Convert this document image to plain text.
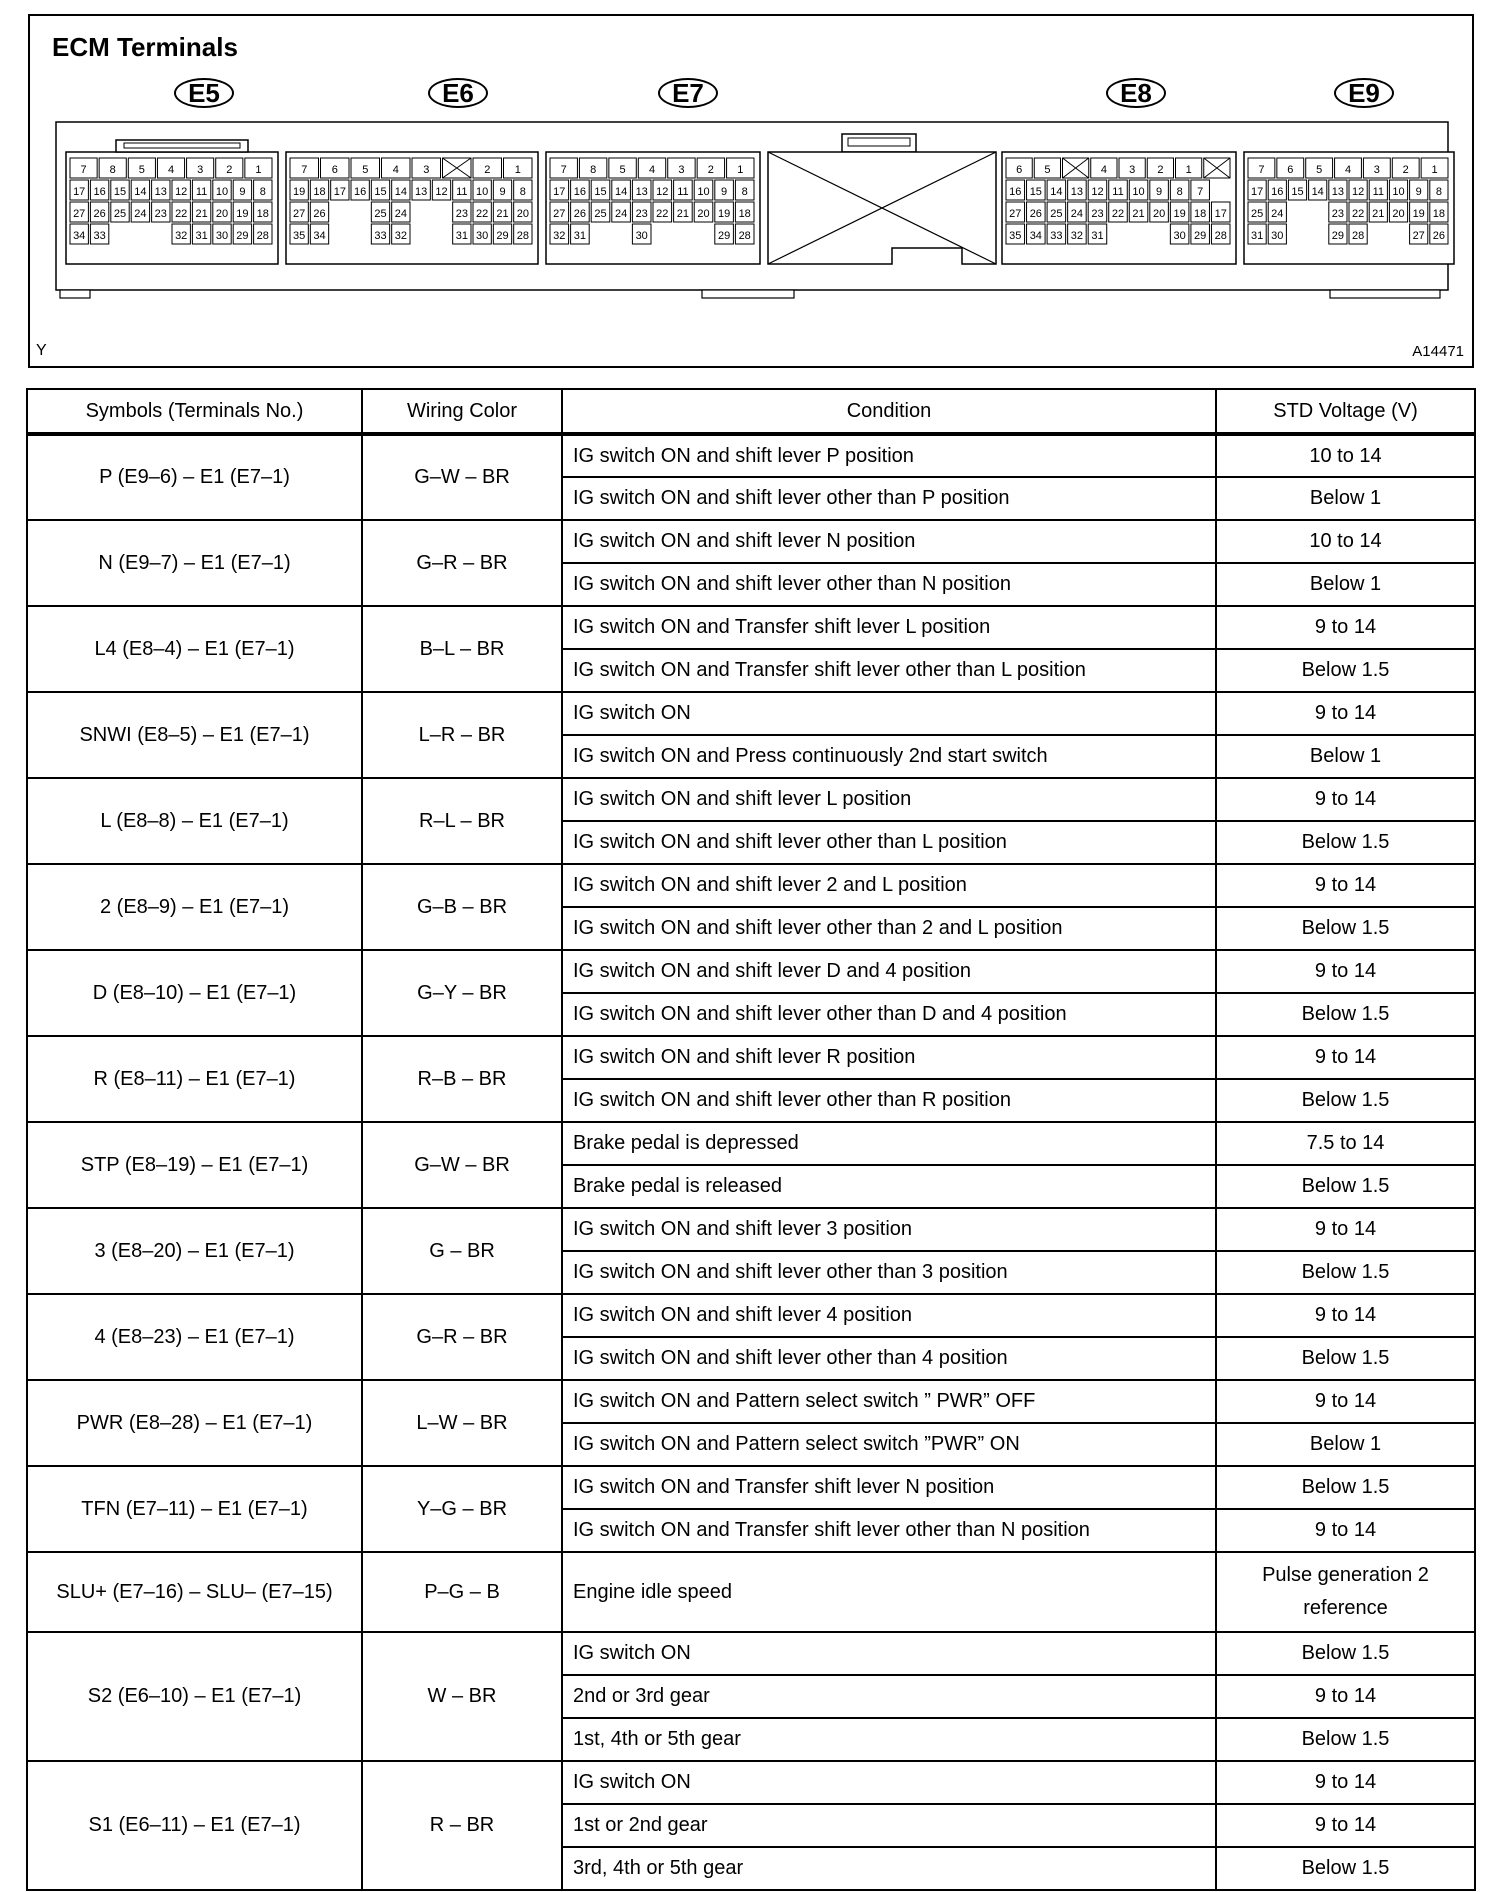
ECM Terminals
E5	E6	E7	E8	E9
7 8 5 4 3 2 1
17 16 15 14 13 12 11 10 9 8
27 26 25 24 23 22 21 20 19 18
34 33	32 31 30 29 28
7 6 5 4 3	2 1
19 18 17 16 15 14 13 12 11 10 9 8
27 26	25 24	23 22 21 20
35 34	33 32	31 30 29 28
7 8 5 4 3 2 1
17 16 15 14 13 12 11 10 9 8
27 26 25 24 23 22 21 20 19 18
32 31	30	29 28
6 5	4 3 2 1
16 15 14 13 12 11 10 9 8 7
27 26 25 24 23 22 21 20 19 18 17
35 34 33 32 31	30 29 28
7 6 5 4 3 2 1
17 16 15 14 13 12 11 10 9 8
25 24	23 22 21 20 19 18
31 30	29 28	27 26
Y	A14471
Symbols (Terminals No.)	Wiring Color	Condition	STD Voltage (V)
P (E9–6) – E1 (E7–1)	G–W – BR	IG switch ON and shift lever P position	10 to 14
		IG switch ON and shift lever other than P position	Below 1
N (E9–7) – E1 (E7–1)	G–R – BR	IG switch ON and shift lever N position	10 to 14
		IG switch ON and shift lever other than N position	Below 1
L4 (E8–4) – E1 (E7–1)	B–L – BR	IG switch ON and Transfer shift lever L position	9 to 14
		IG switch ON and Transfer shift lever other than L position	Below 1.5
SNWI (E8–5) – E1 (E7–1)	L–R – BR	IG switch ON	9 to 14
		IG switch ON and Press continuously 2nd start switch	Below 1
L (E8–8) – E1 (E7–1)	R–L – BR	IG switch ON and shift lever L position	9 to 14
		IG switch ON and shift lever other than L position	Below 1.5
2 (E8–9) – E1 (E7–1)	G–B – BR	IG switch ON and shift lever 2 and L position	9 to 14
		IG switch ON and shift lever other than 2 and L position	Below 1.5
D (E8–10) – E1 (E7–1)	G–Y – BR	IG switch ON and shift lever D and 4 position	9 to 14
		IG switch ON and shift lever other than D and 4 position	Below 1.5
R (E8–11) – E1 (E7–1)	R–B – BR	IG switch ON and shift lever R position	9 to 14
		IG switch ON and shift lever other than R position	Below 1.5
STP (E8–19) – E1 (E7–1)	G–W – BR	Brake pedal is depressed	7.5 to 14
		Brake pedal is released	Below 1.5
3 (E8–20) – E1 (E7–1)	G – BR	IG switch ON and shift lever 3 position	9 to 14
		IG switch ON and shift lever other than 3 position	Below 1.5
4 (E8–23) – E1 (E7–1)	G–R – BR	IG switch ON and shift lever 4 position	9 to 14
		IG switch ON and shift lever other than 4 position	Below 1.5
PWR (E8–28) – E1 (E7–1)	L–W – BR	IG switch ON and Pattern select switch ” PWR” OFF	9 to 14
		IG switch ON and Pattern select switch ”PWR” ON	Below 1
TFN (E7–11) – E1 (E7–1)	Y–G – BR	IG switch ON and Transfer shift lever N position	Below 1.5
		IG switch ON and Transfer shift lever other than N position	9 to 14
SLU+ (E7–16) – SLU– (E7–15)	P–G – B	Engine idle speed	Pulse generation 2 reference
S2 (E6–10) – E1 (E7–1)	W – BR	IG switch ON	Below 1.5
		2nd or 3rd gear	9 to 14
		1st, 4th or 5th gear	Below 1.5
S1 (E6–11) – E1 (E7–1)	R – BR	IG switch ON	9 to 14
		1st or 2nd gear	9 to 14
		3rd, 4th or 5th gear	Below 1.5
